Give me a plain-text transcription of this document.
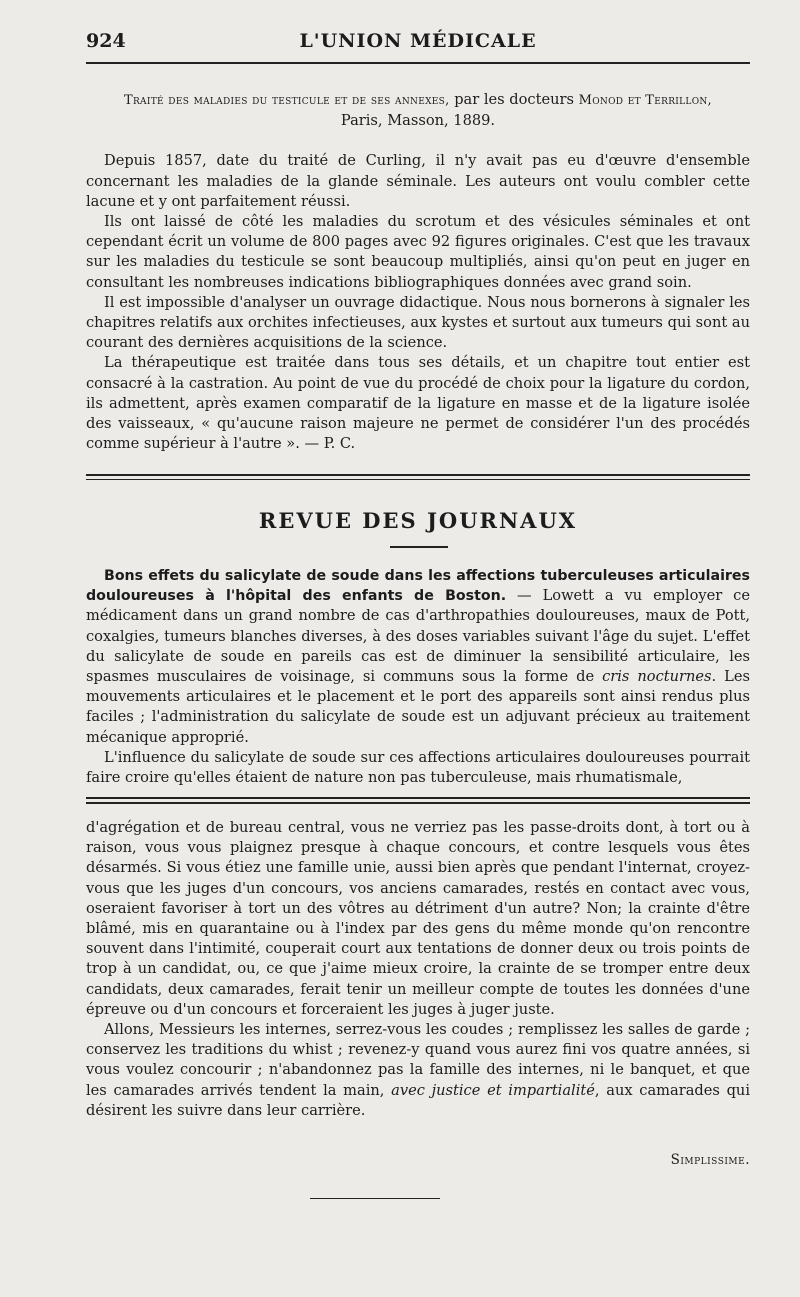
924	L'UNION MÉDICALE

Traité des maladies du testicule et de ses annexes, par les docteurs Monod et Terrillon,

Paris, Masson, 1889.

Depuis 1857, date du traité de Curling, il n'y avait pas eu d'œuvre d'ensemble concernant les maladies de la glande séminale. Les auteurs ont voulu combler cette lacune et y ont parfaitement réussi.

Ils ont laissé de côté les maladies du scrotum et des vésicules séminales et ont cependant écrit un volume de 800 pages avec 92 figures originales. C'est que les travaux sur les maladies du testicule se sont beaucoup multipliés, ainsi qu'on peut en juger en consultant les nombreuses indications bibliographiques données avec grand soin.

Il est impossible d'analyser un ouvrage didactique. Nous nous bornerons à signaler les chapitres relatifs aux orchites infectieuses, aux kystes et surtout aux tumeurs qui sont au courant des dernières acquisitions de la science.

La thérapeutique est traitée dans tous ses détails, et un chapitre tout entier est consacré à la castration. Au point de vue du procédé de choix pour la ligature du cordon, ils admettent, après examen comparatif de la ligature en masse et de la ligature isolée des vaisseaux, « qu'aucune raison majeure ne permet de considérer l'un des procédés comme supérieur à l'autre ». — P. C.

REVUE DES JOURNAUX

Bons effets du salicylate de soude dans les affections tuberculeuses articulaires douloureuses à l'hôpital des enfants de Boston. — Lowett a vu employer ce médicament dans un grand nombre de cas d'arthropathies douloureuses, maux de Pott, coxalgies, tumeurs blanches diverses, à des doses variables suivant l'âge du sujet. L'effet du salicylate de soude en pareils cas est de diminuer la sensibilité articulaire, les spasmes musculaires de voisinage, si communs sous la forme de cris nocturnes. Les mouvements articulaires et le placement et le port des appareils sont ainsi rendus plus faciles ; l'administration du salicylate de soude est un adjuvant précieux au traitement mécanique approprié.

L'influence du salicylate de soude sur ces affections articulaires douloureuses pourrait faire croire qu'elles étaient de nature non pas tuberculeuse, mais rhumatismale,

d'agrégation et de bureau central, vous ne verriez pas les passe-droits dont, à tort ou à raison, vous vous plaignez presque à chaque concours, et contre lesquels vous êtes désarmés. Si vous étiez une famille unie, aussi bien après que pendant l'internat, croyez-vous que les juges d'un concours, vos anciens camarades, restés en contact avec vous, oseraient favoriser à tort un des vôtres au détriment d'un autre? Non; la crainte d'être blâmé, mis en quarantaine ou à l'index par des gens du même monde qu'on rencontre souvent dans l'intimité, couperait court aux tentations de donner deux ou trois points de trop à un candidat, ou, ce que j'aime mieux croire, la crainte de se tromper entre deux candidats, deux camarades, ferait tenir un meilleur compte de toutes les données d'une épreuve ou d'un concours et forceraient les juges à juger juste.

Allons, Messieurs les internes, serrez-vous les coudes ; remplissez les salles de garde ; conservez les traditions du whist ; revenez-y quand vous aurez fini vos quatre années, si vous voulez concourir ; n'abandonnez pas la famille des internes, ni le banquet, et que les camarades arrivés tendent la main, avec justice et impartialité, aux camarades qui désirent les suivre dans leur carrière.

Simplissime.
